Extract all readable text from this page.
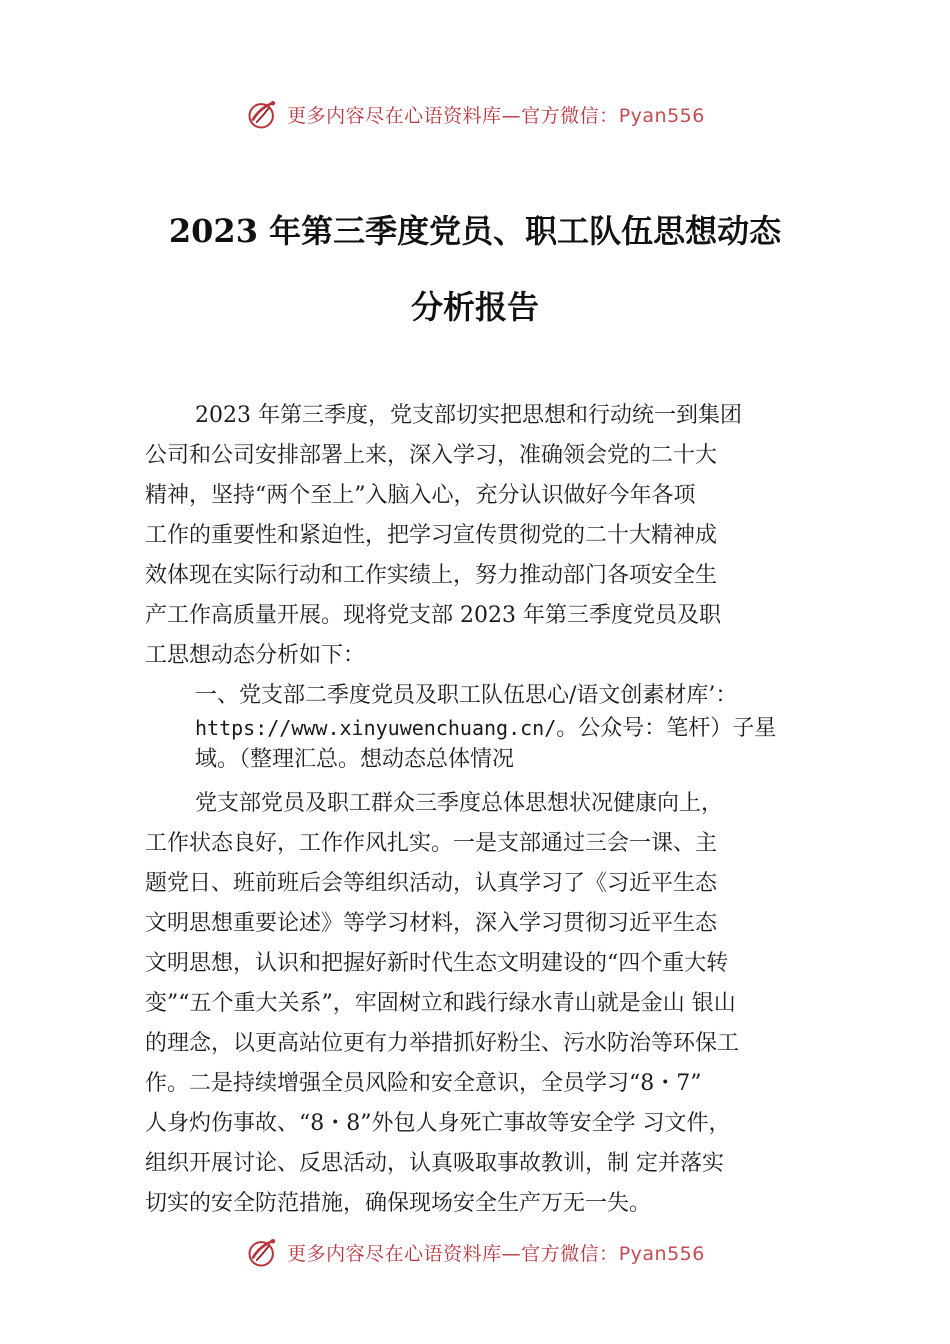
更多内容尽在心语资料库—官方微信：Pyan556
2023 年第三季度党员、职工队伍思想动态
分析报告
2023 年第三季度，党支部切实把思想和行动统一到集团
公司和公司安排部署上来，深入学习，准确领会党的二十大
精神，坚持“两个至上”入脑入心，充分认识做好今年各项
工作的重要性和紧迫性，把学习宣传贯彻党的二十大精神成
效体现在实际行动和工作实绩上，努力推动部门各项安全生
产工作高质量开展。现将党支部 2023 年第三季度党员及职
工思想动态分析如下：
一、党支部二季度党员及职工队伍思心/语文创素材库’：
https://www.xinyuwenchuang.cn/。公众号：笔杆）子星
域。（整理汇总。想动态总体情况
党支部党员及职工群众三季度总体思想状况健康向上，
工作状态良好，工作作风扎实。一是支部通过三会一课、主
题党日、班前班后会等组织活动，认真学习了《习近平生态
文明思想重要论述》等学习材料，深入学习贯彻习近平生态
文明思想，认识和把握好新时代生态文明建设的“四个重大转
变”“五个重大关系”，牢固树立和践行绿水青山就是金山 银山
的理念，以更高站位更有力举措抓好粉尘、污水防治等环保工
作。二是持续增强全员风险和安全意识，全员学习“8・7”
人身灼伤事故、“8・8”外包人身死亡事故等安全学 习文件，
组织开展讨论、反思活动，认真吸取事故教训，制 定并落实
切实的安全防范措施，确保现场安全生产万无一失。
更多内容尽在心语资料库—官方微信：Pyan556
